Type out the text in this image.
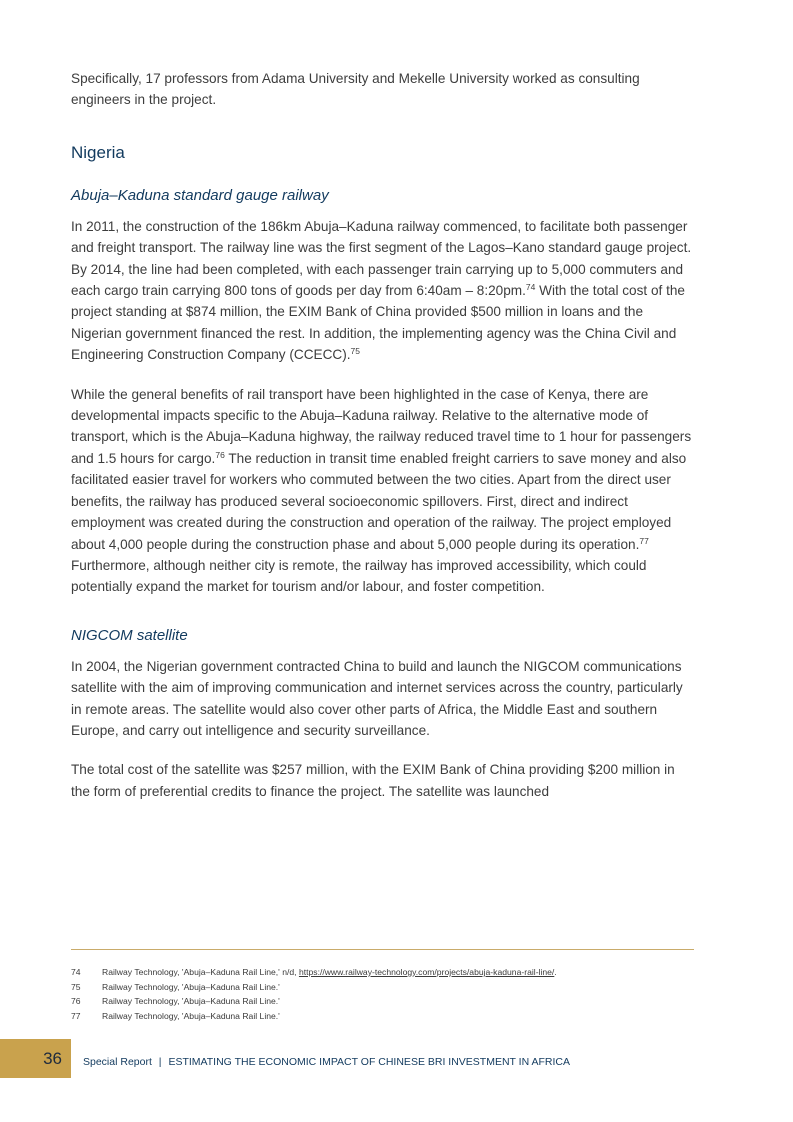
Specifically, 17 professors from Adama University and Mekelle University worked as consulting engineers in the project.

Nigeria
Abuja–Kaduna standard gauge railway

In 2011, the construction of the 186km Abuja–Kaduna railway commenced, to facilitate both passenger and freight transport. The railway line was the first segment of the Lagos–Kano standard gauge project. By 2014, the line had been completed, with each passenger train carrying up to 5,000 commuters and each cargo train carrying 800 tons of goods per day from 6:40am – 8:20pm.$^{74}$ With the total cost of the project standing at $874 million, the EXIM Bank of China provided $500 million in loans and the Nigerian government financed the rest. In addition, the implementing agency was the China Civil and Engineering Construction Company (CCECC).$^{75}$

While the general benefits of rail transport have been highlighted in the case of Kenya, there are developmental impacts specific to the Abuja–Kaduna railway. Relative to the alternative mode of transport, which is the Abuja–Kaduna highway, the railway reduced travel time to 1 hour for passengers and 1.5 hours for cargo.$^{76}$ The reduction in transit time enabled freight carriers to save money and also facilitated easier travel for workers who commuted between the two cities. Apart from the direct user benefits, the railway has produced several socioeconomic spillovers. First, direct and indirect employment was created during the construction and operation of the railway. The project employed about 4,000 people during the construction phase and about 5,000 people during its operation.$^{77}$ Furthermore, although neither city is remote, the railway has improved accessibility, which could potentially expand the market for tourism and/or labour, and foster competition.

NIGCOM satellite

In 2004, the Nigerian government contracted China to build and launch the NIGCOM communications satellite with the aim of improving communication and internet services across the country, particularly in remote areas. The satellite would also cover other parts of Africa, the Middle East and southern Europe, and carry out intelligence and security surveillance.

The total cost of the satellite was $257 million, with the EXIM Bank of China providing $200 million in the form of preferential credits to finance the project. The satellite was launched

74 Railway Technology, 'Abuja–Kaduna Rail Line,' n/d, https://www.railway-technology.com/projects/abuja-kaduna-rail-line/.
75 Railway Technology, 'Abuja–Kaduna Rail Line.'
76 Railway Technology, 'Abuja–Kaduna Rail Line.'
77 Railway Technology, 'Abuja–Kaduna Rail Line.'
36 Special Report | ESTIMATING THE ECONOMIC IMPACT OF CHINESE BRI INVESTMENT IN AFRICA
